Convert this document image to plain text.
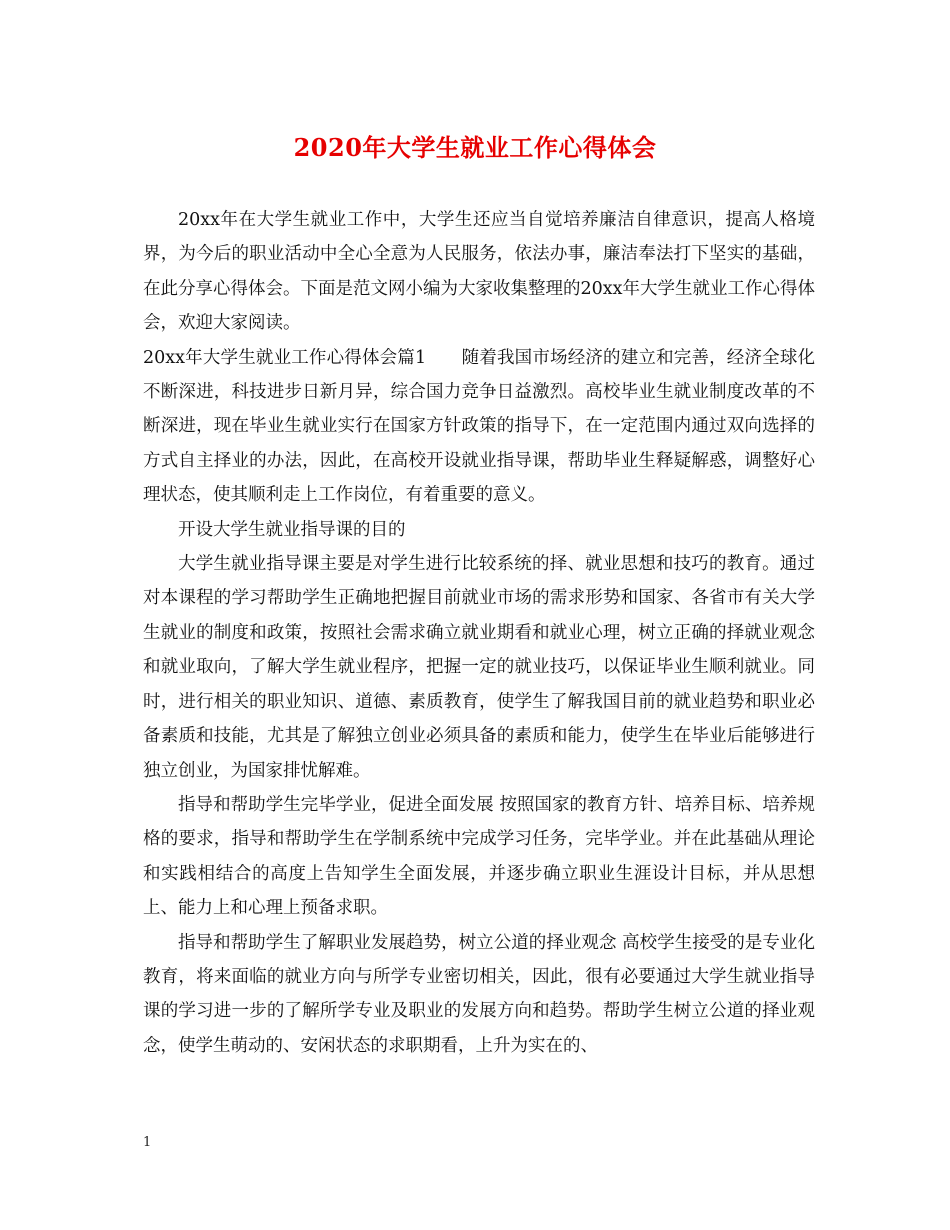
2020年大学生就业工作心得体会

20xx年在大学生就业工作中，大学生还应当自觉培养廉洁自律意识，提高人格境界，为今后的职业活动中全心全意为人民服务，依法办事，廉洁奉法打下坚实的基础，在此分享心得体会。下面是范文网小编为大家收集整理的20xx年大学生就业工作心得体会，欢迎大家阅读。

20xx年大学生就业工作心得体会篇1　　随着我国市场经济的建立和完善，经济全球化不断深进，科技进步日新月异，综合国力竞争日益激烈。高校毕业生就业制度改革的不断深进，现在毕业生就业实行在国家方针政策的指导下，在一定范围内通过双向选择的方式自主择业的办法，因此，在高校开设就业指导课，帮助毕业生释疑解惑，调整好心理状态，使其顺利走上工作岗位，有着重要的意义。

开设大学生就业指导课的目的

大学生就业指导课主要是对学生进行比较系统的择、就业思想和技巧的教育。通过对本课程的学习帮助学生正确地把握目前就业市场的需求形势和国家、各省市有关大学生就业的制度和政策，按照社会需求确立就业期看和就业心理，树立正确的择就业观念和就业取向，了解大学生就业程序，把握一定的就业技巧，以保证毕业生顺利就业。同时，进行相关的职业知识、道德、素质教育，使学生了解我国目前的就业趋势和职业必备素质和技能，尤其是了解独立创业必须具备的素质和能力，使学生在毕业后能够进行独立创业，为国家排忧解难。

指导和帮助学生完毕学业，促进全面发展 按照国家的教育方针、培养目标、培养规格的要求，指导和帮助学生在学制系统中完成学习任务，完毕学业。并在此基础从理论和实践相结合的高度上告知学生全面发展，并逐步确立职业生涯设计目标，并从思想上、能力上和心理上预备求职。

指导和帮助学生了解职业发展趋势，树立公道的择业观念 高校学生接受的是专业化教育，将来面临的就业方向与所学专业密切相关，因此，很有必要通过大学生就业指导课的学习进一步的了解所学专业及职业的发展方向和趋势。帮助学生树立公道的择业观念，使学生萌动的、安闲状态的求职期看，上升为实在的、

1
